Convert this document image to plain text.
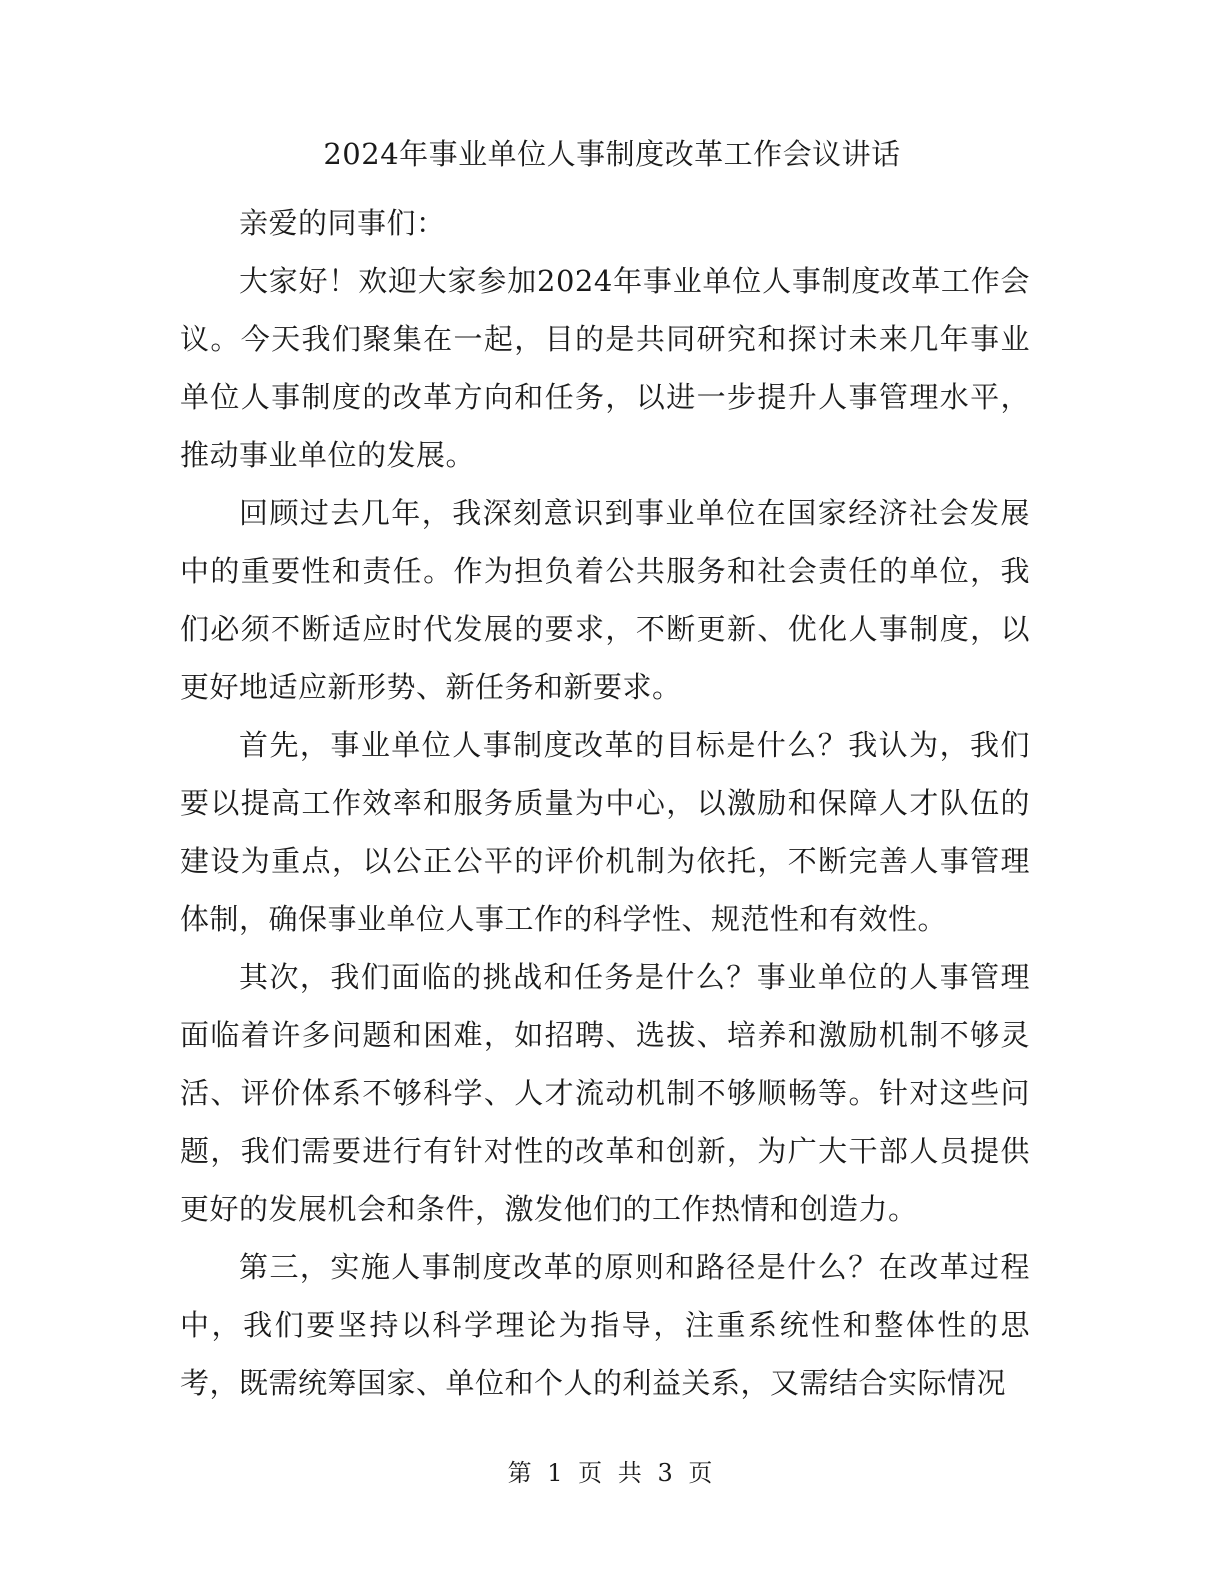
2024年事业单位人事制度改革工作会议讲话

亲爱的同事们：

大家好！欢迎大家参加2024年事业单位人事制度改革工作会议。今天我们聚集在一起，目的是共同研究和探讨未来几年事业单位人事制度的改革方向和任务，以进一步提升人事管理水平，推动事业单位的发展。

回顾过去几年，我深刻意识到事业单位在国家经济社会发展中的重要性和责任。作为担负着公共服务和社会责任的单位，我们必须不断适应时代发展的要求，不断更新、优化人事制度，以更好地适应新形势、新任务和新要求。

首先，事业单位人事制度改革的目标是什么？我认为，我们要以提高工作效率和服务质量为中心，以激励和保障人才队伍的建设为重点，以公正公平的评价机制为依托，不断完善人事管理体制，确保事业单位人事工作的科学性、规范性和有效性。

其次，我们面临的挑战和任务是什么？事业单位的人事管理面临着许多问题和困难，如招聘、选拔、培养和激励机制不够灵活、评价体系不够科学、人才流动机制不够顺畅等。针对这些问题，我们需要进行有针对性的改革和创新，为广大干部人员提供更好的发展机会和条件，激发他们的工作热情和创造力。

第三，实施人事制度改革的原则和路径是什么？在改革过程中，我们要坚持以科学理论为指导，注重系统性和整体性的思考，既需统筹国家、单位和个人的利益关系，又需结合实际情况

第 1 页 共 3 页
